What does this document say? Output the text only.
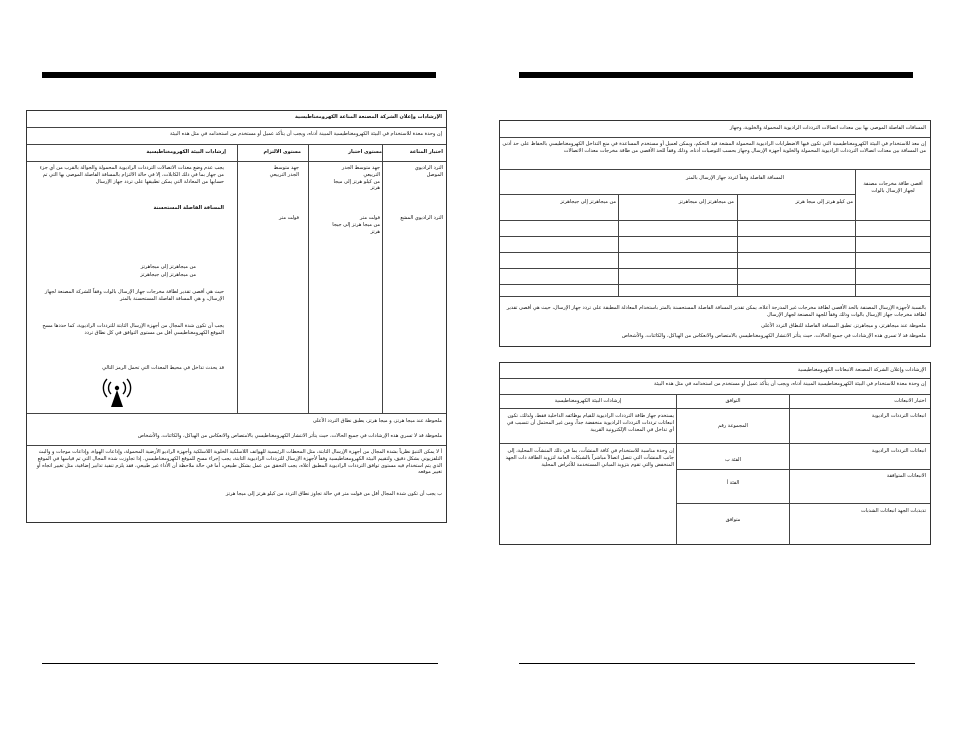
الإرشادات وإعلان الشركة المصنعة المناعة الكهرومغناطيسية
إن وحدة معدة للاستخدام في البيئة الكهرومغناطيسية المبينة أدناه، ويجب أن يتأكد عميل أو مستخدم من استخدامه في مثل هذه البيئة
اختبار المناعة
مستوى اختبار
مستوى الالتزام
إرشادات البيئة الكهرومغناطيسية
الترد الراديوي
الموصل
الترد الراديوي المشع
جهد متوسط الجذر
التربيعي
من كيلو هرتز إلى ميجا
هرتز
فولت متر
من ميجا هرتز إلى جيجا
هرتز
جهد متوسط
الجذر التربيعي
فولت متر
يجب عدم وضع معدات الاتصالات الترددات الراديوية المحمولة والجوالة بالقرب من أي جزء من جهاز بما في ذلك الكابلات، إلا في حالة الالتزام بالمسافة الفاصلة الموصى بها التي تم حسابها من المعادلة التي يمكن تطبيقها على تردد جهاز الإرسال
المسافة الفاصلة المستحسنة
من ميجاهرتز إلى ميجاهرتز
من ميجاهرتز إلى جيجاهرتز
حيث هي أقصى تقدير لطاقة مخرجات جهاز الإرسال بالوات وفقاً للشركة المصنعة لجهاز الإرسال، و هي المسافة الفاصلة المستحسنة بالمتر
يجب أن تكون شدة المجال من أجهزة الإرسال الثابتة للترددات الراديوية، كما حددها مسح الموقع الكهرومغناطيسي أقل من مستوى التوافق في كل نطاق تردد
قد يحدث تداخل في محيط المعدات التي تحمل الرمز التالي
ملحوظة عند ميجا هرتز، و ميجا هرتز، يطبق نطاق التردد الأعلى
ملحوظة قد لا تسري هذه الإرشادات في جميع الحالات، حيث يتأثر الانتشار الكهرومغناطيسي بالامتصاص والانعكاس من الهياكل، والكائنات، والأشخاص
أ لا يمكن التنبؤ نظرياً بشدة المجال من أجهزة الإرسال الثابتة، مثل المحطات الرئيسية للهواتف اللاسلكية الخلوية اللاسلكية وأجهزة الراديو الأرضية المحمولة، وإذاعات الهواة، وإذاعات موجات و والبث التلفزيوني بشكل دقيق، ولتقييم البيئة الكهرومغناطيسية وفقاً لأجهزة الإرسال للترددات الراديوية الثابتة، يجب إجراء مسح للموقع الكهرومغناطيسي. إذا تجاوزت شدة المجال التي تم قياسها في الموقع الذي يتم استخدام فيه مستوى توافق الترددات الراديوية المطبق أعلاه، يجب التحقق من عمل بشكل طبيعي، أما في حالة ملاحظة أن الأداء غير طبيعي، فقد يلزم تنفيذ تدابير إضافية، مثل تغيير اتجاه أو تغيير موقعه
ب يجب أن تكون شدة المجال أقل من فولت متر في حالة تجاوز نطاق التردد من كيلو هرتز إلى ميجا هرتز
المسافات الفاصلة الموصى بها بين معدات اتصالات الترددات الراديوية المحمولة والخلوية، وجهاز
إن معد للاستخدام في البيئة الكهرومغناطيسية التي تكون فيها الاضطرابات الراديوية المحمولة المشعة قيد التحكم، ويمكن لعميل أو مستخدم المساعدة في منع التداخل الكهرومغناطيسي بالحفاظ على حد أدنى من المسافة بين معدات اتصالات الترددات الراديوية المحمولة والخلوية أجهزة الإرسال وجهاز بحسب التوصيات أدناه، وذلك وفقاً للحد الأقصى من طاقة مخرجات معدات الاتصالات
أقصى طاقة مخرجات مصنفة لجهاز الإرسال بالوات
المسافة الفاصلة وفقاً لتردد جهاز الإرسال بالمتر
من كيلو هرتز إلى ميجا هرتز
من ميجاهرتز إلى ميجاهرتز
من ميجاهرتز إلى جيجاهرتز
بالنسبة لأجهزة الإرسال المصنفة بالحد الأقصى لطاقة مخرجات غير المدرجة أعلاه، يمكن تقدير المسافة الفاصلة المستحسنة بالمتر باستخدام المعادلة المطبقة على تردد جهاز الإرسال، حيث هي أقصى تقدير لطاقة مخرجات جهاز الإرسال بالوات وذلك وفقاً للجهة المصنعة لجهاز الإرسال
ملحوظة عند ميجاهرتز، و ميجاهرتز، تطبق المسافة الفاصلة للنطاق التردد الأعلى
ملحوظة قد لا تسري هذه الإرشادات في جميع الحالات، حيث يتأثر الانتشار الكهرومغناطيسي بالامتصاص والانعكاس من الهياكل، والكائنات، والأشخاص
الإرشادات وإعلان الشركة المصنعة الانبعاثات الكهرومغناطيسية
إن وحدة معدة للاستخدام في البيئة الكهرومغناطيسية المبينة أدناه، ويجب أن يتأكد عميل أو مستخدم من استخدامه في مثل هذه البيئة
اختبار الانبعاثات
التوافق
إرشادات البيئة الكهرومغناطيسية
انبعاثات الترددات الراديوية
المجموعة رقم
يستخدم جهاز طاقة الترددات الراديوية للقيام بوظائفه الداخلية فقط، ولذلك، تكون انبعاثات ترددات الترددات الراديوية منخفضة جداً، ومن غير المحتمل أن تتسبب في أي تداخل في المعدات الإلكترونية القريبة
انبعاثات الترددات الراديوية
الفئة ب
إن وحدة مناسبة للاستخدام في كافة المنشآت، بما في ذلك المنشآت المحلية، إلى جانب المنشآت التي تتصل اتصالاً مباشراً بالشبكات العامة لتزويد الطاقة ذات الجهد المنخفض والتي تقوم بتزويد المباني المستخدمة للأغراض المحلية
الانبعاثات المتوافقة
الفئة أ
تذبذبات الجهد انبعاثات الشذبات
متوافق
